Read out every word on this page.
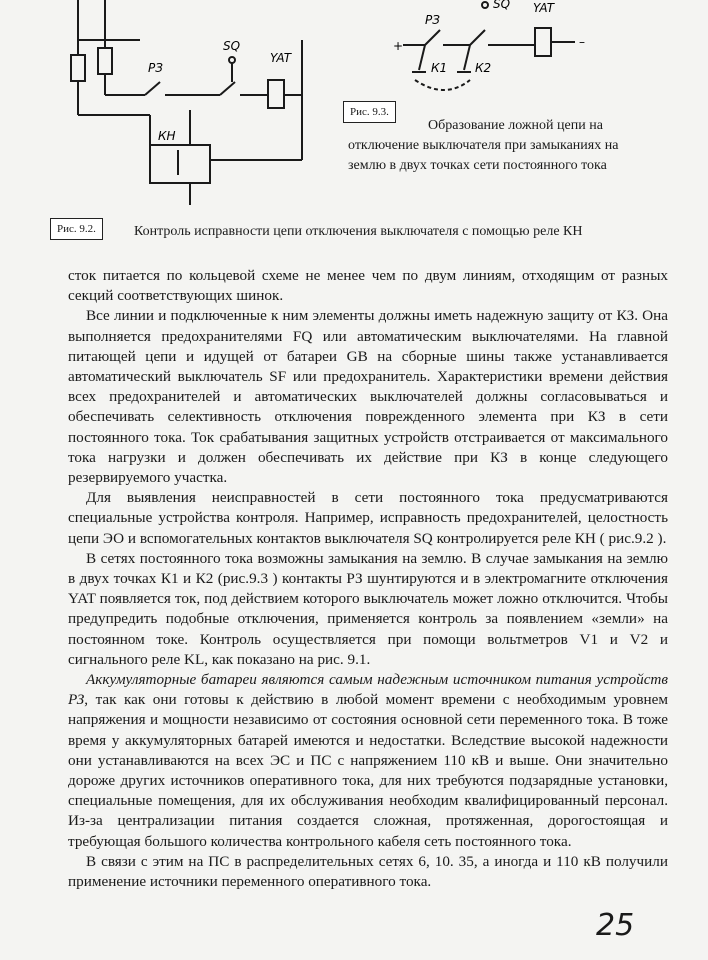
РЗ
SQ
YAT
КН
РЗ
SQ YAT
К1 К2
+	–
Рис. 9.3.
Образование ложной цепи на отключение выключателя при замыканиях на землю в двух точках сети постоянного тока
Рис. 9.2.	Контроль исправности цепи отключения выключателя с помощью реле КН

сток питается по кольцевой схеме не менее чем по двум линиям, отходящим от разных секций соответствующих шинок.

Все линии и подключенные к ним элементы должны иметь надежную защиту от КЗ. Она выполняется предохранителями FQ или автоматическим выключателями. На главной питающей цепи и идущей от батареи GB на сборные шины также устанавливается автоматический выключатель SF или предохранитель. Характеристики времени действия всех предохранителей и автоматических выключателей должны согласовываться и обеспечивать селективность отключения поврежденного элемента при КЗ в сети постоянного тока. Ток срабатывания защитных устройств отстраивается от максимального тока нагрузки и должен обеспечивать их действие при КЗ в конце следующего резервируемого участка.

Для выявления неисправностей в сети постоянного тока предусматриваются специальные устройства контроля. Например, исправность предохранителей, целостность цепи ЭО и вспомогательных контактов выключателя SQ контролируется реле КН ( рис.9.2 ).

В сетях постоянного тока возможны замыкания на землю. В случае замыкания на землю в двух точках К1 и К2 (рис.9.3 ) контакты РЗ шунтируются и в электромагните отключения YAT появляется ток, под действием которого выключатель может ложно отключится. Чтобы предупредить подобные отключения, применяется контроль за появлением «земли» на постоянном токе. Контроль осуществляется при помощи вольтметров V1 и V2 и сигнального реле KL, как показано на рис. 9.1.

Аккумуляторные батареи являются самым надежным источником питания устройств РЗ, так как они готовы к действию в любой момент времени с необходимым уровнем напряжения и мощности независимо от состояния основной сети переменного тока. В тоже время у аккумуляторных батарей имеются и недостатки. Вследствие высокой надежности они устанавливаются на всех ЭС и ПС с напряжением 110 кВ и выше. Они значительно дороже других источников оперативного тока, для них требуются подзарядные установки, специальные помещения, для их обслуживания необходим квалифицированный персонал. Из-за централизации питания создается сложная, протяженная, дорогостоящая и требующая большого количества контрольного кабеля сеть постоянного тока.

В связи с этим на ПС в распределительных сетях 6, 10. 35, а иногда и 110 кВ получили применение источники переменного оперативного тока.

25
